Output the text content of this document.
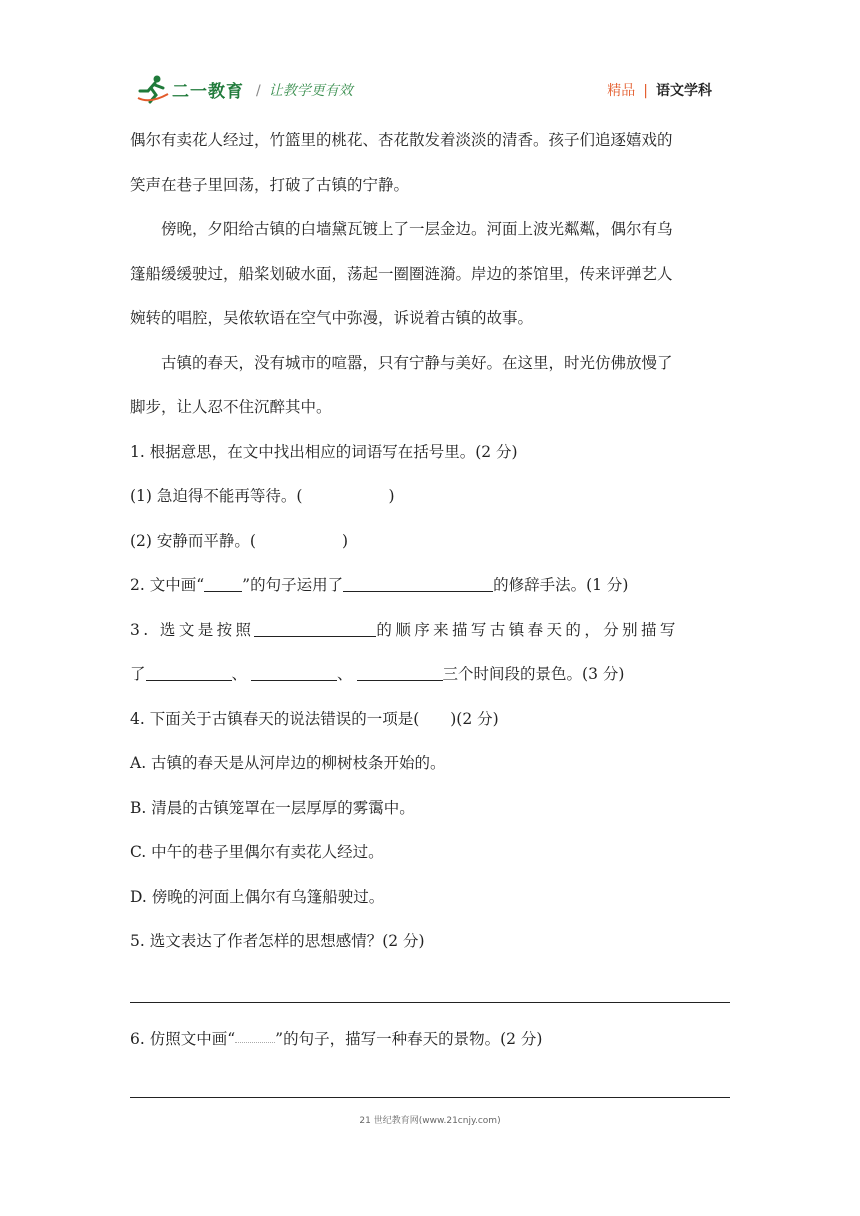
二一教育 / 让教学更有效	精品 | 语文学科
偶尔有卖花人经过，竹篮里的桃花、杏花散发着淡淡的清香。孩子们追逐嬉戏的
笑声在巷子里回荡，打破了古镇的宁静。
傍晚，夕阳给古镇的白墙黛瓦镀上了一层金边。河面上波光粼粼，偶尔有乌
篷船缓缓驶过，船桨划破水面，荡起一圈圈涟漪。岸边的茶馆里，传来评弹艺人
婉转的唱腔，吴侬软语在空气中弥漫，诉说着古镇的故事。
古镇的春天，没有城市的喧嚣，只有宁静与美好。在这里，时光仿佛放慢了
脚步，让人忍不住沉醉其中。
1. 根据意思，在文中找出相应的词语写在括号里。(2 分)
(1) 急迫得不能再等待。(	)
(2) 安静而平静。(	)
2. 文中画“ ”的句子运用了	的修辞手法。(1 分)
3. 选文是按照	的顺序来描写古镇春天的，分别描写
了	、	、	三个时间段的景色。(3 分)
4. 下面关于古镇春天的说法错误的一项是(　　)(2 分)
A. 古镇的春天是从河岸边的柳树枝条开始的。
B. 清晨的古镇笼罩在一层厚厚的雾霭中。
C. 中午的巷子里偶尔有卖花人经过。
D. 傍晚的河面上偶尔有乌篷船驶过。
5. 选文表达了作者怎样的思想感情？(2 分)
6. 仿照文中画“	”的句子，描写一种春天的景物。(2 分)
21 世纪教育网(www.21cnjy.com)
